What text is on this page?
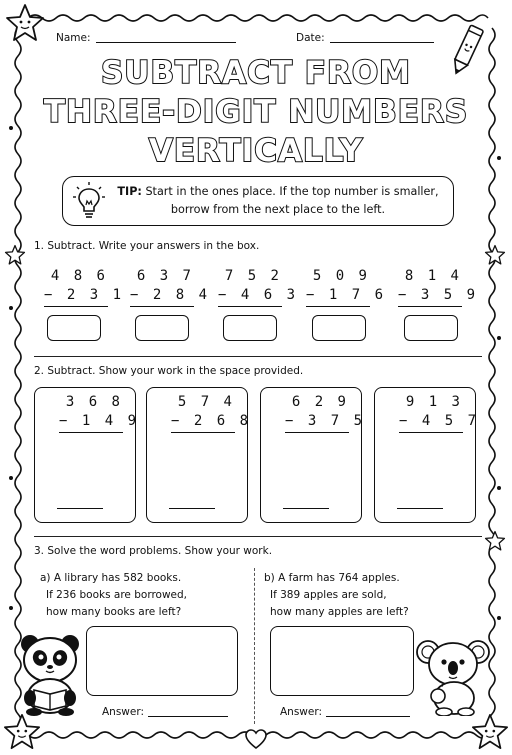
Name:	Date:
SUBTRACT FROM
THREE-DIGIT NUMBERS
VERTICALLY
TIP: Start in the ones place. If the top number is smaller,
borrow from the next place to the left.
1. Subtract. Write your answers in the box.
4 8 6
− 2 3 1
6 3 7
− 2 8 4
7 5 2
− 4 6 3
5 0 9
− 1 7 6
8 1 4
− 3 5 9
2. Subtract. Show your work in the space provided.
3 6 8
− 1 4 9
5 7 4
− 2 6 8
6 2 9
− 3 7 5
9 1 3
− 4 5 7
3. Solve the word problems. Show your work.
a) A library has 582 books.
If 236 books are borrowed,
how many books are left?
b) A farm has 764 apples.
If 389 apples are sold,
how many apples are left?
Answer:	Answer:
